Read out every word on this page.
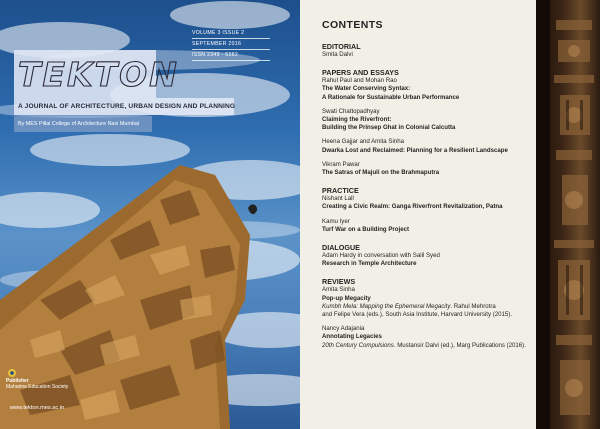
VOLUME 3 ISSUE 2
SEPTEMBER 2016
ISSN 2349 - 6282
TEKTON
A JOURNAL OF ARCHITECTURE, URBAN DESIGN AND PLANNING
By MES Pillai College of Architecture Navi Mumbai
Publisher
Mahatma Education Society
www.tekton.mes.ac.in
CONTENTS
EDITORIAL
Smita Dalvi
PAPERS AND ESSAYS
Rahul Paul and Mohan Rao
The Water Conserving Syntax:
A Rationale for Sustainable Urban Performance
Swati Chattopadhyay
Claiming the Riverfront:
Building the Prinsep Ghat in Colonial Calcutta
Heena Gajjar and Amita Sinha
Dwarka Lost and Reclaimed: Planning for a Resilient Landscape
Vikram Pawar
The Satras of Majuli on the Brahmaputra
PRACTICE
Nishant Lall
Creating a Civic Realm: Ganga Riverfront Revitalization, Patna
Kamu Iyer
Turf War on a Building Project
DIALOGUE
Adam Hardy in conversation with Salil Syed
Research in Temple Architecture
REVIEWS
Amita Sinha
Pop-up Megacity
Kumbh Mela: Mapping the Ephemeral Megacity. Rahul Mehrotra
and Felipe Vera (eds.), South Asia Institute, Harvard University (2015).
Nancy Adajania
Annotating Legacies
20th Century Compulsions. Mustansir Dalvi (ed.), Marg Publications (2016).
